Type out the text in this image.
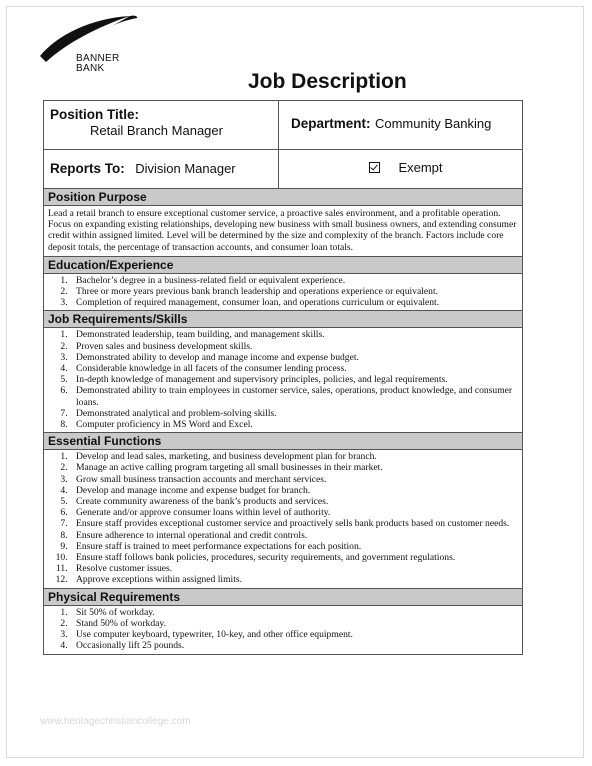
BANNER
BANK
Job Description
Position Title:
Retail Branch Manager	Department: Community Banking
Reports To: Division Manager	Exempt
Position Purpose
Lead a retail branch to ensure exceptional customer service, a proactive sales environment, and a profitable operation. Focus on expanding existing relationships, developing new business with small business owners, and extending consumer credit within assigned limited. Level will be determined by the size and complexity of the branch. Factors include core deposit totals, the percentage of transaction accounts, and consumer loan totals.
Education/Experience
1. Bachelor’s degree in a business-related field or equivalent experience.
2. Three or more years previous bank branch leadership and operations experience or equivalent.
3. Completion of required management, consumer loan, and operations curriculum or equivalent.
Job Requirements/Skills
1. Demonstrated leadership, team building, and management skills.
2. Proven sales and business development skills.
3. Demonstrated ability to develop and manage income and expense budget.
4. Considerable knowledge in all facets of the consumer lending process.
5. In-depth knowledge of management and supervisory principles, policies, and legal requirements.
6. Demonstrated ability to train employees in customer service, sales, operations, product knowledge, and consumer loans.
7. Demonstrated analytical and problem-solving skills.
8. Computer proficiency in MS Word and Excel.
Essential Functions
1. Develop and lead sales, marketing, and business development plan for branch.
2. Manage an active calling program targeting all small businesses in their market.
3. Grow small business transaction accounts and merchant services.
4. Develop and manage income and expense budget for branch.
5. Create community awareness of the bank’s products and services.
6. Generate and/or approve consumer loans within level of authority.
7. Ensure staff provides exceptional customer service and proactively sells bank products based on customer needs.
8. Ensure adherence to internal operational and credit controls.
9. Ensure staff is trained to meet performance expectations for each position.
10. Ensure staff follows bank policies, procedures, security requirements, and government regulations.
11. Resolve customer issues.
12. Approve exceptions within assigned limits.
Physical Requirements
1. Sit 50% of workday.
2. Stand 50% of workday.
3. Use computer keyboard, typewriter, 10-key, and other office equipment.
4. Occasionally lift 25 pounds.
www.heritagechristiancollege.com
